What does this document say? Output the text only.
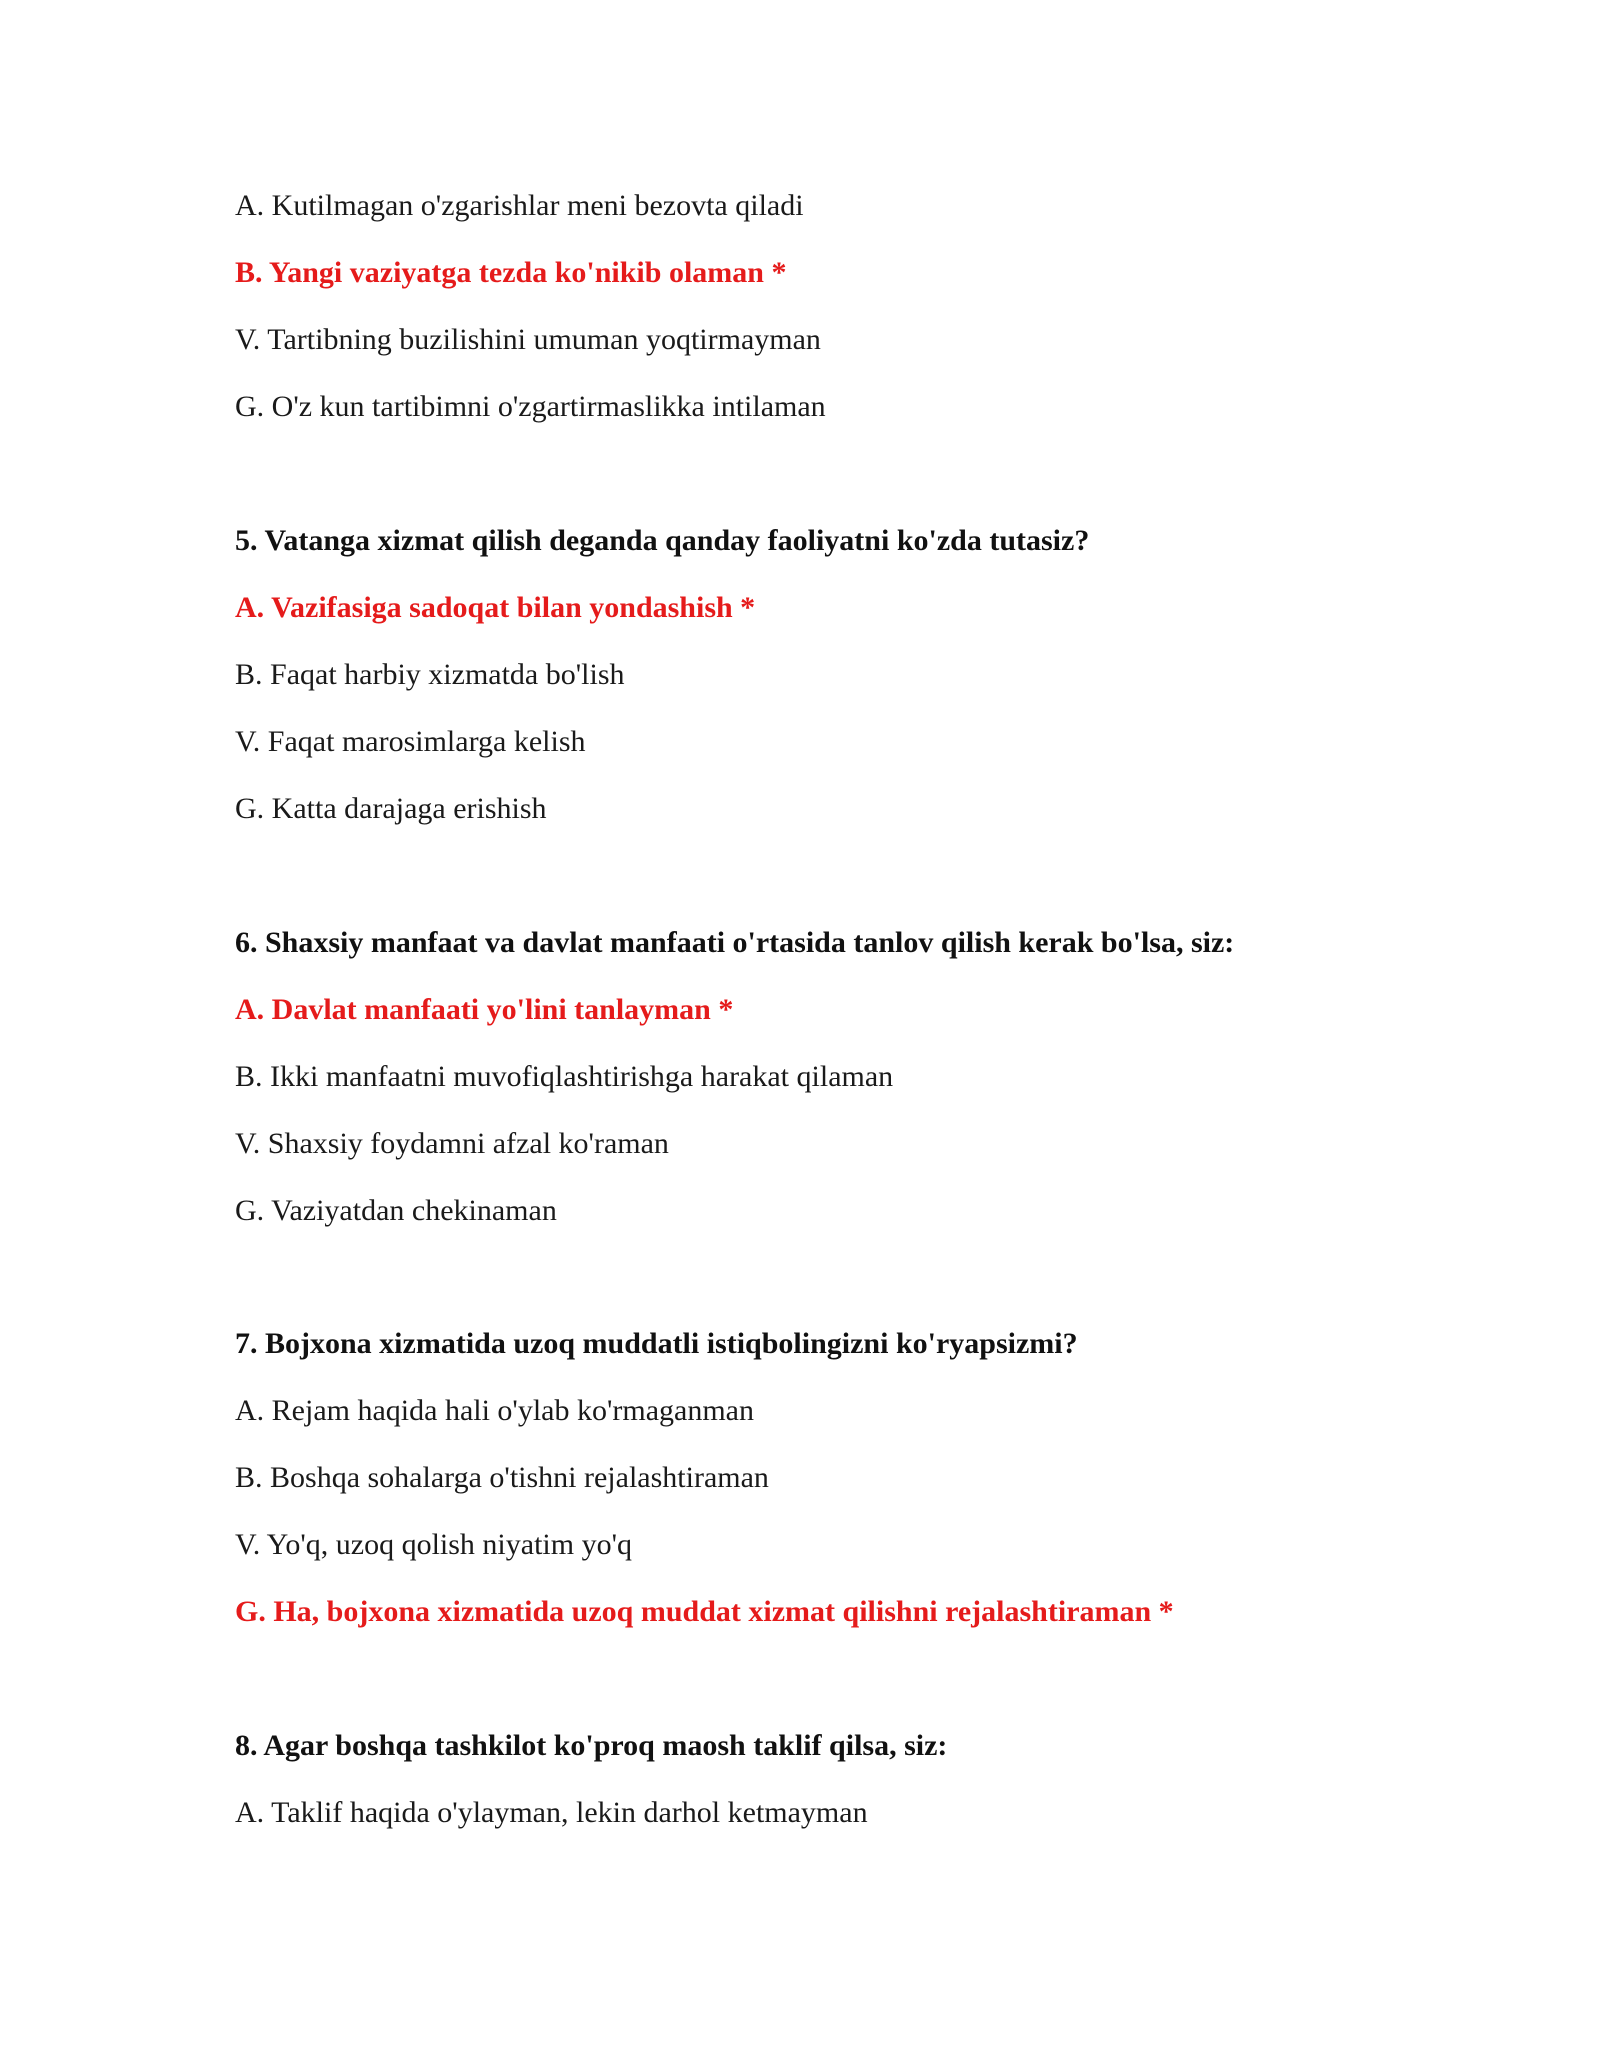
A. Kutilmagan o'zgarishlar meni bezovta qiladi
B. Yangi vaziyatga tezda ko'nikib olaman *
V. Tartibning buzilishini umuman yoqtirmayman
G. O'z kun tartibimni o'zgartirmaslikka intilaman
5. Vatanga xizmat qilish deganda qanday faoliyatni ko'zda tutasiz?
A. Vazifasiga sadoqat bilan yondashish *
B. Faqat harbiy xizmatda bo'lish
V. Faqat marosimlarga kelish
G. Katta darajaga erishish
6. Shaxsiy manfaat va davlat manfaati o'rtasida tanlov qilish kerak bo'lsa, siz:
A. Davlat manfaati yo'lini tanlayman *
B. Ikki manfaatni muvofiqlashtirishga harakat qilaman
V. Shaxsiy foydamni afzal ko'raman
G. Vaziyatdan chekinaman
7. Bojxona xizmatida uzoq muddatli istiqbolingizni ko'ryapsizmi?
A. Rejam haqida hali o'ylab ko'rmaganman
B. Boshqa sohalarga o'tishni rejalashtiraman
V. Yo'q, uzoq qolish niyatim yo'q
G. Ha, bojxona xizmatida uzoq muddat xizmat qilishni rejalashtiraman *
8. Agar boshqa tashkilot ko'proq maosh taklif qilsa, siz:
A. Taklif haqida o'ylayman, lekin darhol ketmayman
